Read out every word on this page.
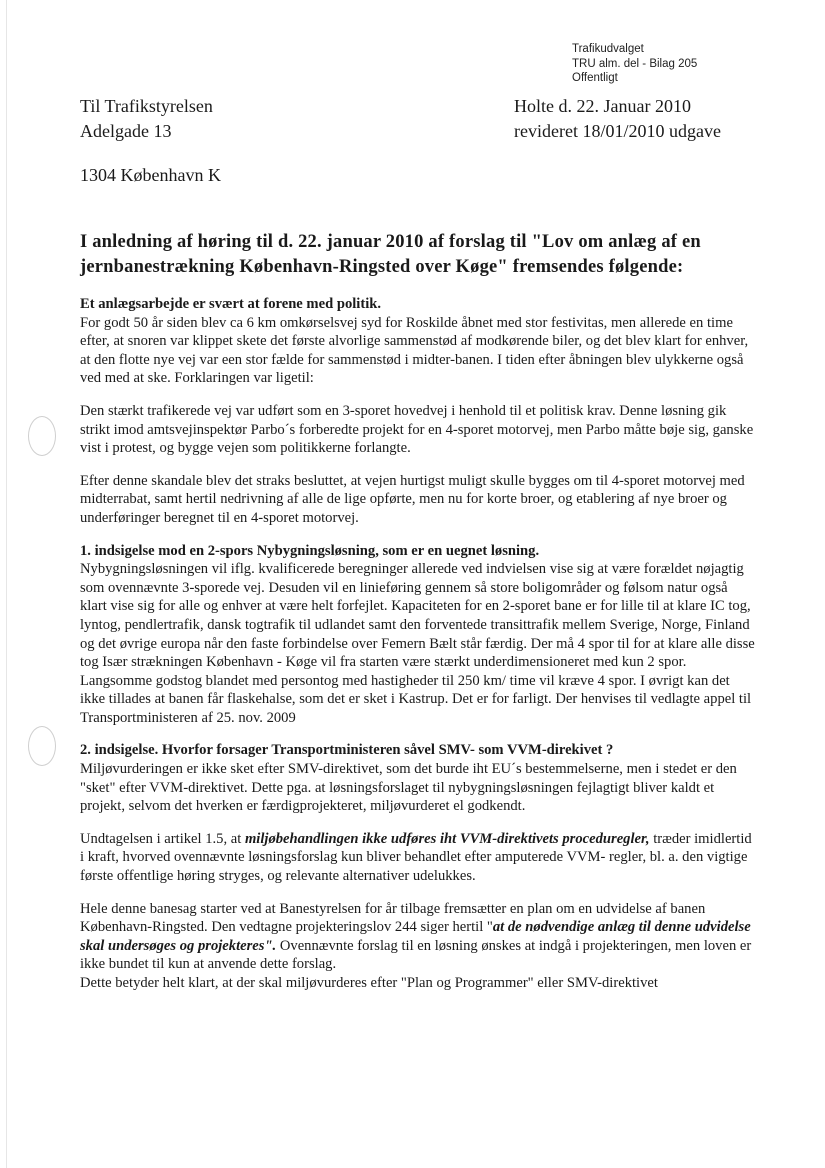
Trafikudvalget
TRU alm. del - Bilag 205
Offentligt
Til Trafikstyrelsen
Adelgade 13
1304 København K
Holte d. 22. Januar 2010
revideret 18/01/2010 udgave
I anledning af høring til d. 22. januar 2010 af forslag til "Lov om anlæg af en
jernbanestrækning København-Ringsted over Køge" fremsendes følgende:

Et anlægsarbejde er svært at forene med politik.
For godt 50 år siden blev ca 6 km omkørselsvej syd for Roskilde åbnet med stor festivitas, men allerede en time efter, at snoren var klippet skete det første alvorlige sammenstød af modkørende biler, og det blev klart for enhver, at den flotte nye vej var een stor fælde for sammenstød i midter-banen. I tiden efter åbningen blev ulykkerne også ved med at ske. Forklaringen var ligetil:

Den stærkt trafikerede vej var udført som en 3-sporet hovedvej i henhold til et politisk krav. Denne løsning gik strikt imod amtsvejinspektør Parbo´s forberedte projekt for en 4-sporet motorvej, men Parbo måtte bøje sig, ganske vist i protest, og bygge vejen som politikkerne forlangte.

Efter denne skandale blev det straks besluttet, at vejen hurtigst muligt skulle bygges om til 4-sporet motorvej med midterrabat, samt hertil nedrivning af alle de lige opførte, men nu for korte broer, og etablering af nye broer og underføringer beregnet til en 4-sporet motorvej.

1. indsigelse mod en 2-spors Nybygningsløsning, som er en uegnet løsning.
Nybygningsløsningen vil iflg. kvalificerede beregninger allerede ved indvielsen vise sig at være forældet nøjagtig som ovennævnte 3-sporede vej. Desuden vil en linieføring gennem så store boligområder og følsom natur også klart vise sig for alle og enhver at være helt forfejlet. Kapaciteten for en 2-sporet bane er for lille til at klare IC tog, lyntog, pendlertrafik, dansk togtrafik til udlandet samt den forventede transittrafik mellem Sverige, Norge, Finland og det øvrige europa når den faste forbindelse over Femern Bælt står færdig. Der må 4 spor til for at klare alle disse tog Især strækningen København - Køge vil fra starten være stærkt underdimensioneret med kun 2 spor. Langsomme godstog blandet med persontog med hastigheder til 250 km/ time vil kræve 4 spor. I øvrigt kan det ikke tillades at banen får flaskehalse, som det er sket i Kastrup. Det er for farligt. Der henvises til vedlagte appel til Transportministeren af 25. nov. 2009

2. indsigelse. Hvorfor forsager Transportministeren såvel SMV- som VVM-direkivet ?
Miljøvurderingen er ikke sket efter SMV-direktivet, som det burde iht EU´s bestemmelserne, men i stedet er den "sket" efter VVM-direktivet. Dette pga. at løsningsforslaget til nybygningsløsningen fejlagtigt bliver kaldt et projekt, selvom det hverken er færdigprojekteret, miljøvurderet el godkendt.

Undtagelsen i artikel 1.5, at miljøbehandlingen ikke udføres iht VVM-direktivets proceduregler, træder imidlertid i kraft, hvorved ovennævnte løsningsforslag kun bliver behandlet efter amputerede VVM- regler, bl. a. den vigtige første offentlige høring stryges, og relevante alternativer udelukkes.

Hele denne banesag starter ved at Banestyrelsen for år tilbage fremsætter en plan om en udvidelse af banen København-Ringsted. Den vedtagne projekteringslov 244 siger hertil "at de nødvendige anlæg til denne udvidelse skal undersøges og projekteres". Ovennævnte forslag til en løsning ønskes at indgå i projekteringen, men loven er ikke bundet til kun at anvende dette forslag.

Dette betyder helt klart, at der skal miljøvurderes efter "Plan og Programmer" eller SMV-direktivet
